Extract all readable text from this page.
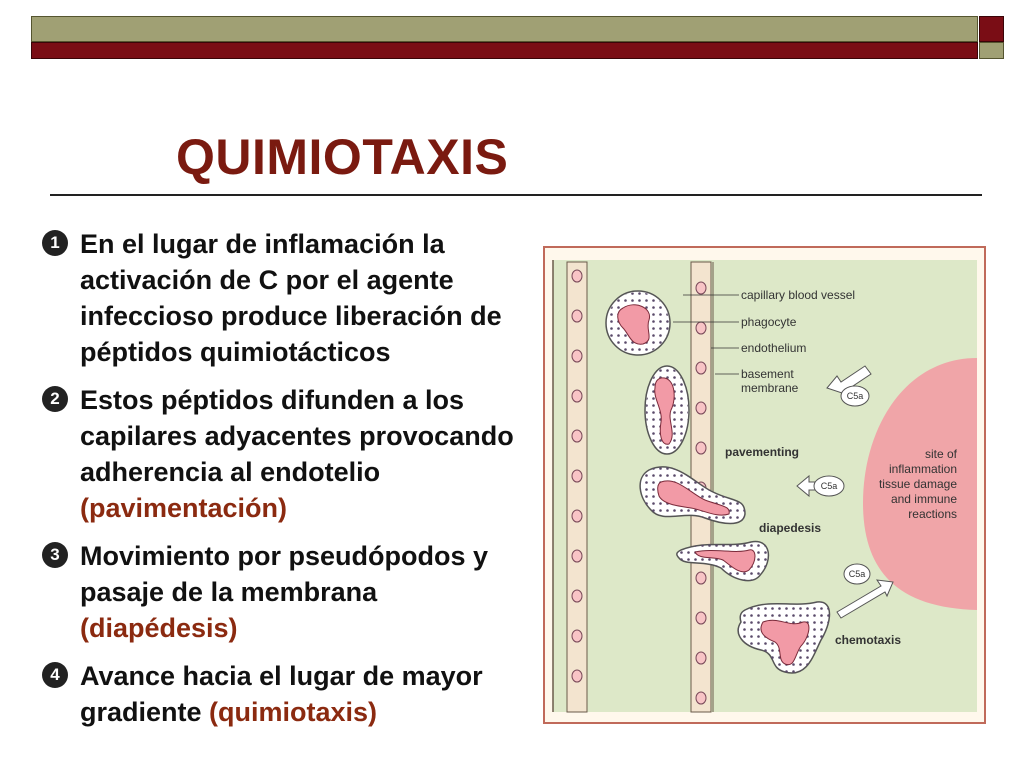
QUIMIOTAXIS
1 En el lugar de inflamación la activación de C por el agente infeccioso produce liberación de péptidos quimiotácticos
2 Estos péptidos difunden a los capilares adyacentes provocando adherencia al endotelio (pavimentación)
3 Movimiento por pseudópodos y pasaje de la membrana (diapédesis)
4 Avance hacia el lugar de mayor gradiente (quimiotaxis)
capillary blood vessel
phagocyte
endothelium
basement
membrane
pavementing
diapedesis
chemotaxis
site of
inflammation
tissue damage
and immune
reactions
C5a
C5a
C5a
